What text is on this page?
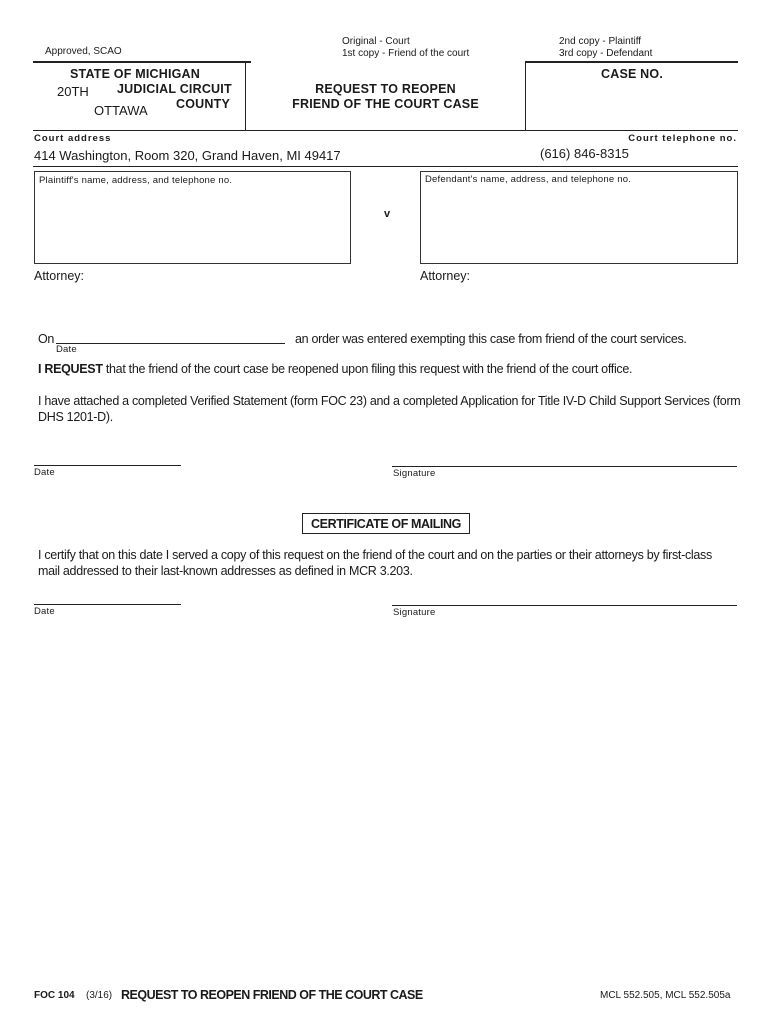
Approved, SCAO
Original - Court
1st copy - Friend of the court
2nd copy - Plaintiff
3rd copy - Defendant
STATE OF MICHIGAN
20TH JUDICIAL CIRCUIT
OTTAWA COUNTY
REQUEST TO REOPEN
FRIEND OF THE COURT CASE
CASE NO.
Court address	Court telephone no.
414 Washington, Room 320, Grand Haven, MI 49417	(616) 846-8315
Plaintiff's name, address, and telephone no.
v
Defendant's name, address, and telephone no.
Attorney:	Attorney:
On
Date
an order was entered exempting this case from friend of the court services.
I REQUEST that the friend of the court case be reopened upon filing this request with the friend of the court office.
I have attached a completed Verified Statement (form FOC 23) and a completed Application for Title IV-D Child Support Services (form
DHS 1201-D).
Date	Signature
CERTIFICATE OF MAILING
I certify that on this date I served a copy of this request on the friend of the court and on the parties or their attorneys by first-class
mail addressed to their last-known addresses as defined in MCR 3.203.
Date	Signature
FOC 104 (3/16) REQUEST TO REOPEN FRIEND OF THE COURT CASE	MCL 552.505, MCL 552.505a
